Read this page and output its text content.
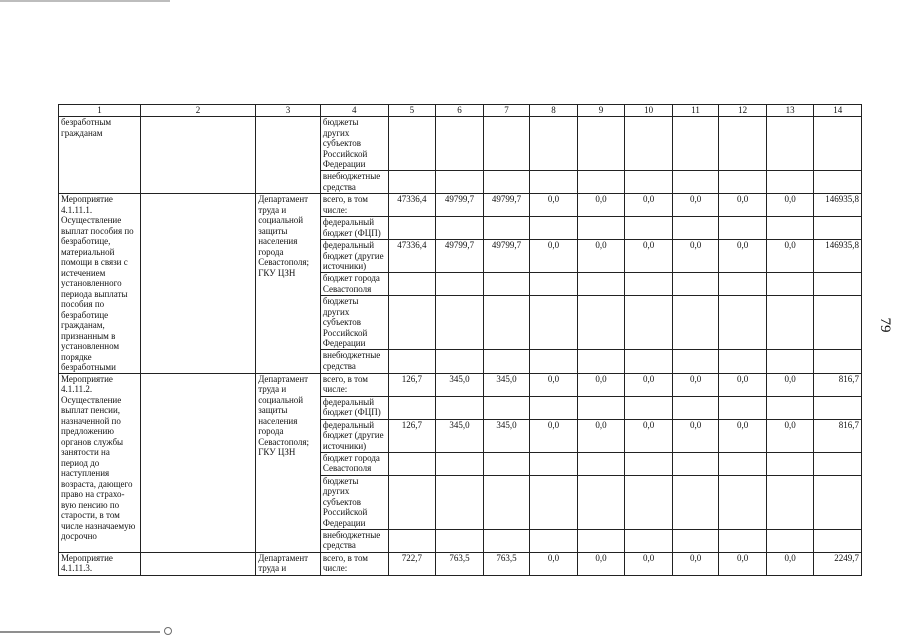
79
1	2	3	4	5	6	7	8	9	10	11	12	13	14
безработным гражданам			бюджеты других субъектов Российской Федерации										
			внебюджетные средства										
Мероприятие 4.1.11.1. Осуществление выплат пособия по безработице, материальной помощи в связи с истечением установленного периода выплаты пособия по безработице гражданам, признанным в установленном порядке безработными		Департамент труда и социальной защиты населения города Севастополя; ГКУ ЦЗН	всего, в том числе:	47336,4	49799,7	49799,7	0,0	0,0	0,0	0,0	0,0	0,0	146935,8
			федеральный бюджет (ФЦП)										
			федеральный бюджет (другие источники)	47336,4	49799,7	49799,7	0,0	0,0	0,0	0,0	0,0	0,0	146935,8
			бюджет города Севастополя										
			бюджеты других субъектов Российской Федерации										
			внебюджетные средства										
Мероприятие 4.1.11.2. Осуществление выплат пенсии, назначенной по предложению органов службы занятости на период до наступления возраста, дающего право на страхо-вую пенсию по старости, в том числе назначаемую досрочно		Департамент труда и социальной защиты населения города Севастополя; ГКУ ЦЗН	всего, в том числе:	126,7	345,0	345,0	0,0	0,0	0,0	0,0	0,0	0,0	816,7
			федеральный бюджет (ФЦП)										
			федеральный бюджет (другие источники)	126,7	345,0	345,0	0,0	0,0	0,0	0,0	0,0	0,0	816,7
			бюджет города Севастополя										
			бюджеты других субъектов Российской Федерации										
			внебюджетные средства										
Мероприятие 4.1.11.3.		Департамент труда и	всего, в том числе:	722,7	763,5	763,5	0,0	0,0	0,0	0,0	0,0	0,0	2249,7
